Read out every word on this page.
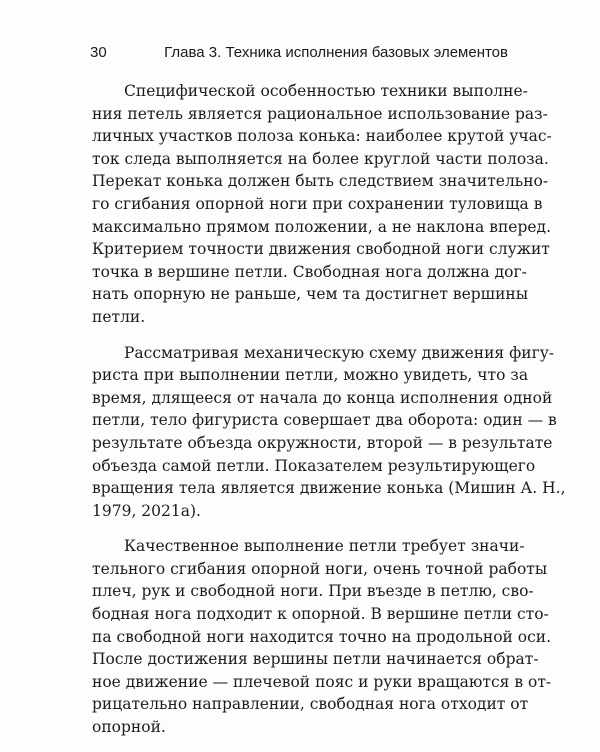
30	Глава 3. Техника исполнения базовых элементов

Специфической особенностью техники выполне-
ния петель является рациональное использование раз-
личных участков полоза конька: наиболее крутой учас-
ток следа выполняется на более круглой части полоза.
Перекат конька должен быть следствием значительно-
го сгибания опорной ноги при сохранении туловища в
максимально прямом положении, а не наклона вперед.
Критерием точности движения свободной ноги служит
точка в вершине петли. Свободная нога должна дог-
нать опорную не раньше, чем та достигнет вершины
петли.

Рассматривая механическую схему движения фигу-
риста при выполнении петли, можно увидеть, что за
время, длящееся от начала до конца исполнения одной
петли, тело фигуриста совершает два оборота: один — в
результате объезда окружности, второй — в результате
объезда самой петли. Показателем результирующего
вращения тела является движение конька (Мишин А. Н.,
1979, 2021a).

Качественное выполнение петли требует значи-
тельного сгибания опорной ноги, очень точной работы
плеч, рук и свободной ноги. При въезде в петлю, сво-
бодная нога подходит к опорной. В вершине петли сто-
па свободной ноги находится точно на продольной оси.
После достижения вершины петли начинается обрат-
ное движение — плечевой пояс и руки вращаются в от-
рицательно направлении, свободная нога отходит от
опорной.
